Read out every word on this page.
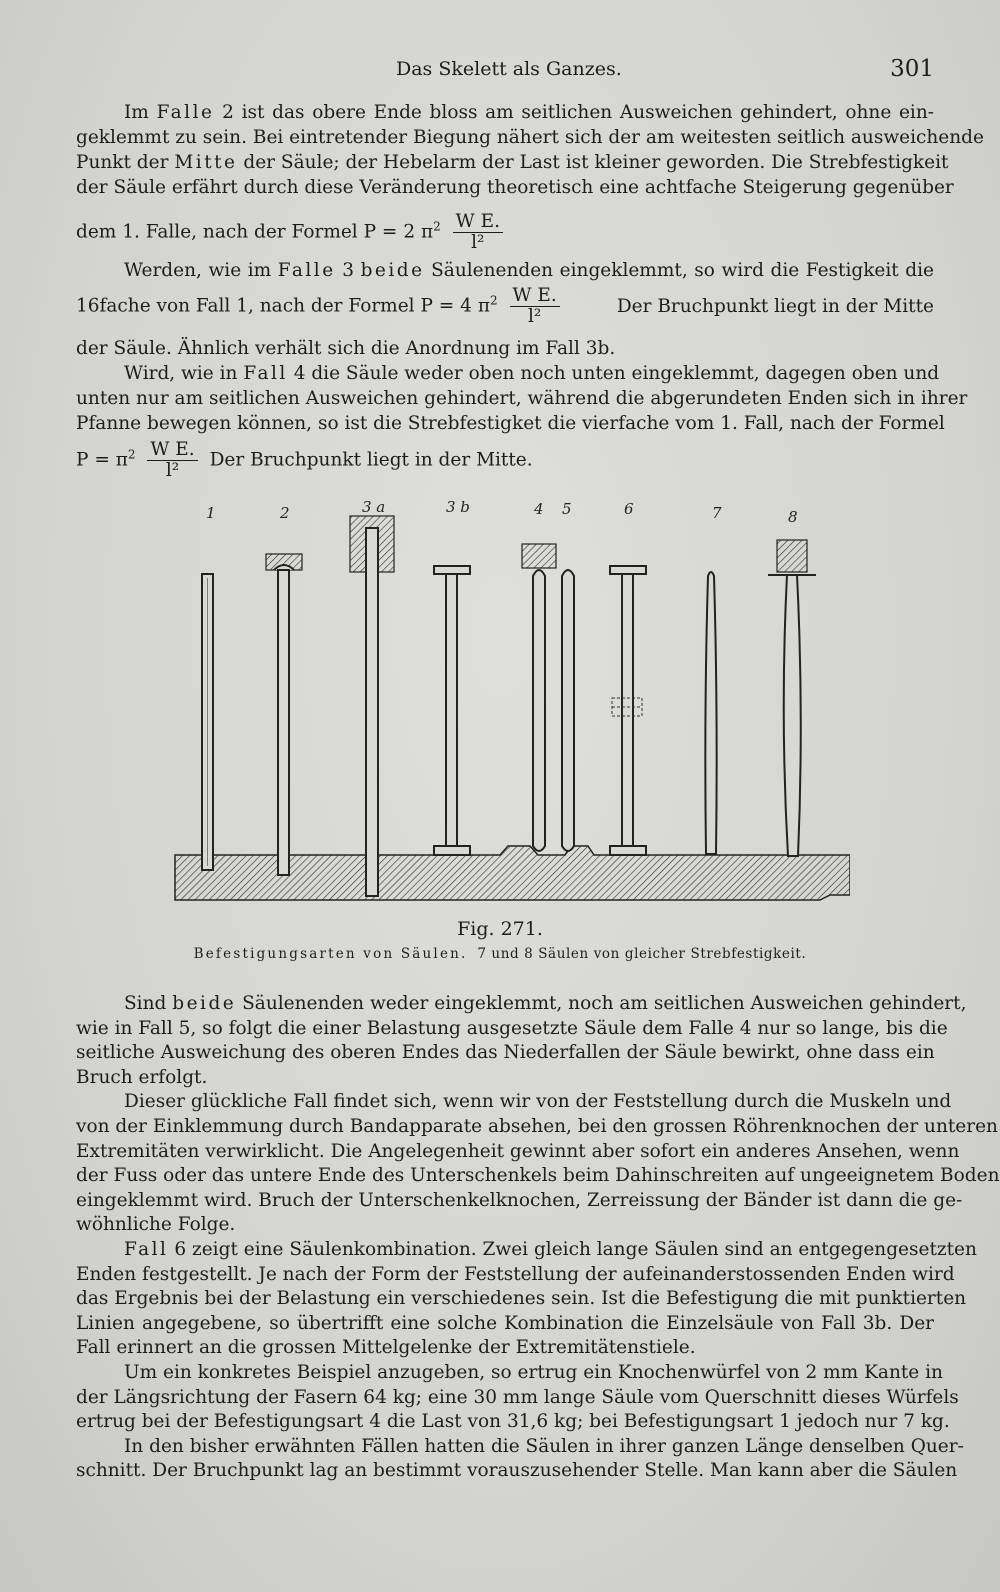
Das Skelett als Ganzes.	301
Im Falle 2 ist das obere Ende bloss am seitlichen Ausweichen gehindert, ohne ein-
geklemmt zu sein. Bei eintretender Biegung nähert sich der am weitesten seitlich ausweichende
Punkt der Mitte der Säule; der Hebelarm der Last ist kleiner geworden. Die Strebfestigkeit
der Säule erfährt durch diese Veränderung theoretisch eine achtfache Steigerung gegenüber
dem 1. Falle, nach der Formel P = 2 $\pi^2 \frac{\text{W E.}}{\text{l²}}$
Werden, wie im Falle 3 beide Säulenenden eingeklemmt, so wird die Festigkeit die
16fache von Fall 1, nach der Formel P = 4 $\pi^2 \frac{\text{W E.}}{\text{l²}}$	Der Bruchpunkt liegt in der Mitte
der Säule. Ähnlich verhält sich die Anordnung im Fall 3b.
Wird, wie in Fall 4 die Säule weder oben noch unten eingeklemmt, dagegen oben und
unten nur am seitlichen Ausweichen gehindert, während die abgerundeten Enden sich in ihrer
Pfanne bewegen können, so ist die Strebfestigket die vierfache vom 1. Fall, nach der Formel
$P = \pi^2 \frac{\text{W E.}}{\text{l²}}$ Der Bruchpunkt liegt in der Mitte.
1	2	3 a	3 b	4 5	6	7	8
Fig. 271.
Befestigungsarten von Säulen. 7 und 8 Säulen von gleicher Strebfestigkeit.
Sind beide Säulenenden weder eingeklemmt, noch am seitlichen Ausweichen gehindert,
wie in Fall 5, so folgt die einer Belastung ausgesetzte Säule dem Falle 4 nur so lange, bis die
seitliche Ausweichung des oberen Endes das Niederfallen der Säule bewirkt, ohne dass ein
Bruch erfolgt.
Dieser glückliche Fall findet sich, wenn wir von der Feststellung durch die Muskeln und
von der Einklemmung durch Bandapparate absehen, bei den grossen Röhrenknochen der unteren
Extremitäten verwirklicht. Die Angelegenheit gewinnt aber sofort ein anderes Ansehen, wenn
der Fuss oder das untere Ende des Unterschenkels beim Dahinschreiten auf ungeeignetem Boden
eingeklemmt wird. Bruch der Unterschenkelknochen, Zerreissung der Bänder ist dann die ge-
wöhnliche Folge.
Fall 6 zeigt eine Säulenkombination. Zwei gleich lange Säulen sind an entgegengesetzten
Enden festgestellt. Je nach der Form der Feststellung der aufeinanderstossenden Enden wird
das Ergebnis bei der Belastung ein verschiedenes sein. Ist die Befestigung die mit punktierten
Linien angegebene, so übertrifft eine solche Kombination die Einzelsäule von Fall 3b. Der
Fall erinnert an die grossen Mittelgelenke der Extremitätenstiele.
Um ein konkretes Beispiel anzugeben, so ertrug ein Knochenwürfel von 2 mm Kante in
der Längsrichtung der Fasern 64 kg; eine 30 mm lange Säule vom Querschnitt dieses Würfels
ertrug bei der Befestigungsart 4 die Last von 31,6 kg; bei Befestigungsart 1 jedoch nur 7 kg.
In den bisher erwähnten Fällen hatten die Säulen in ihrer ganzen Länge denselben Quer-
schnitt. Der Bruchpunkt lag an bestimmt vorauszusehender Stelle. Man kann aber die Säulen
